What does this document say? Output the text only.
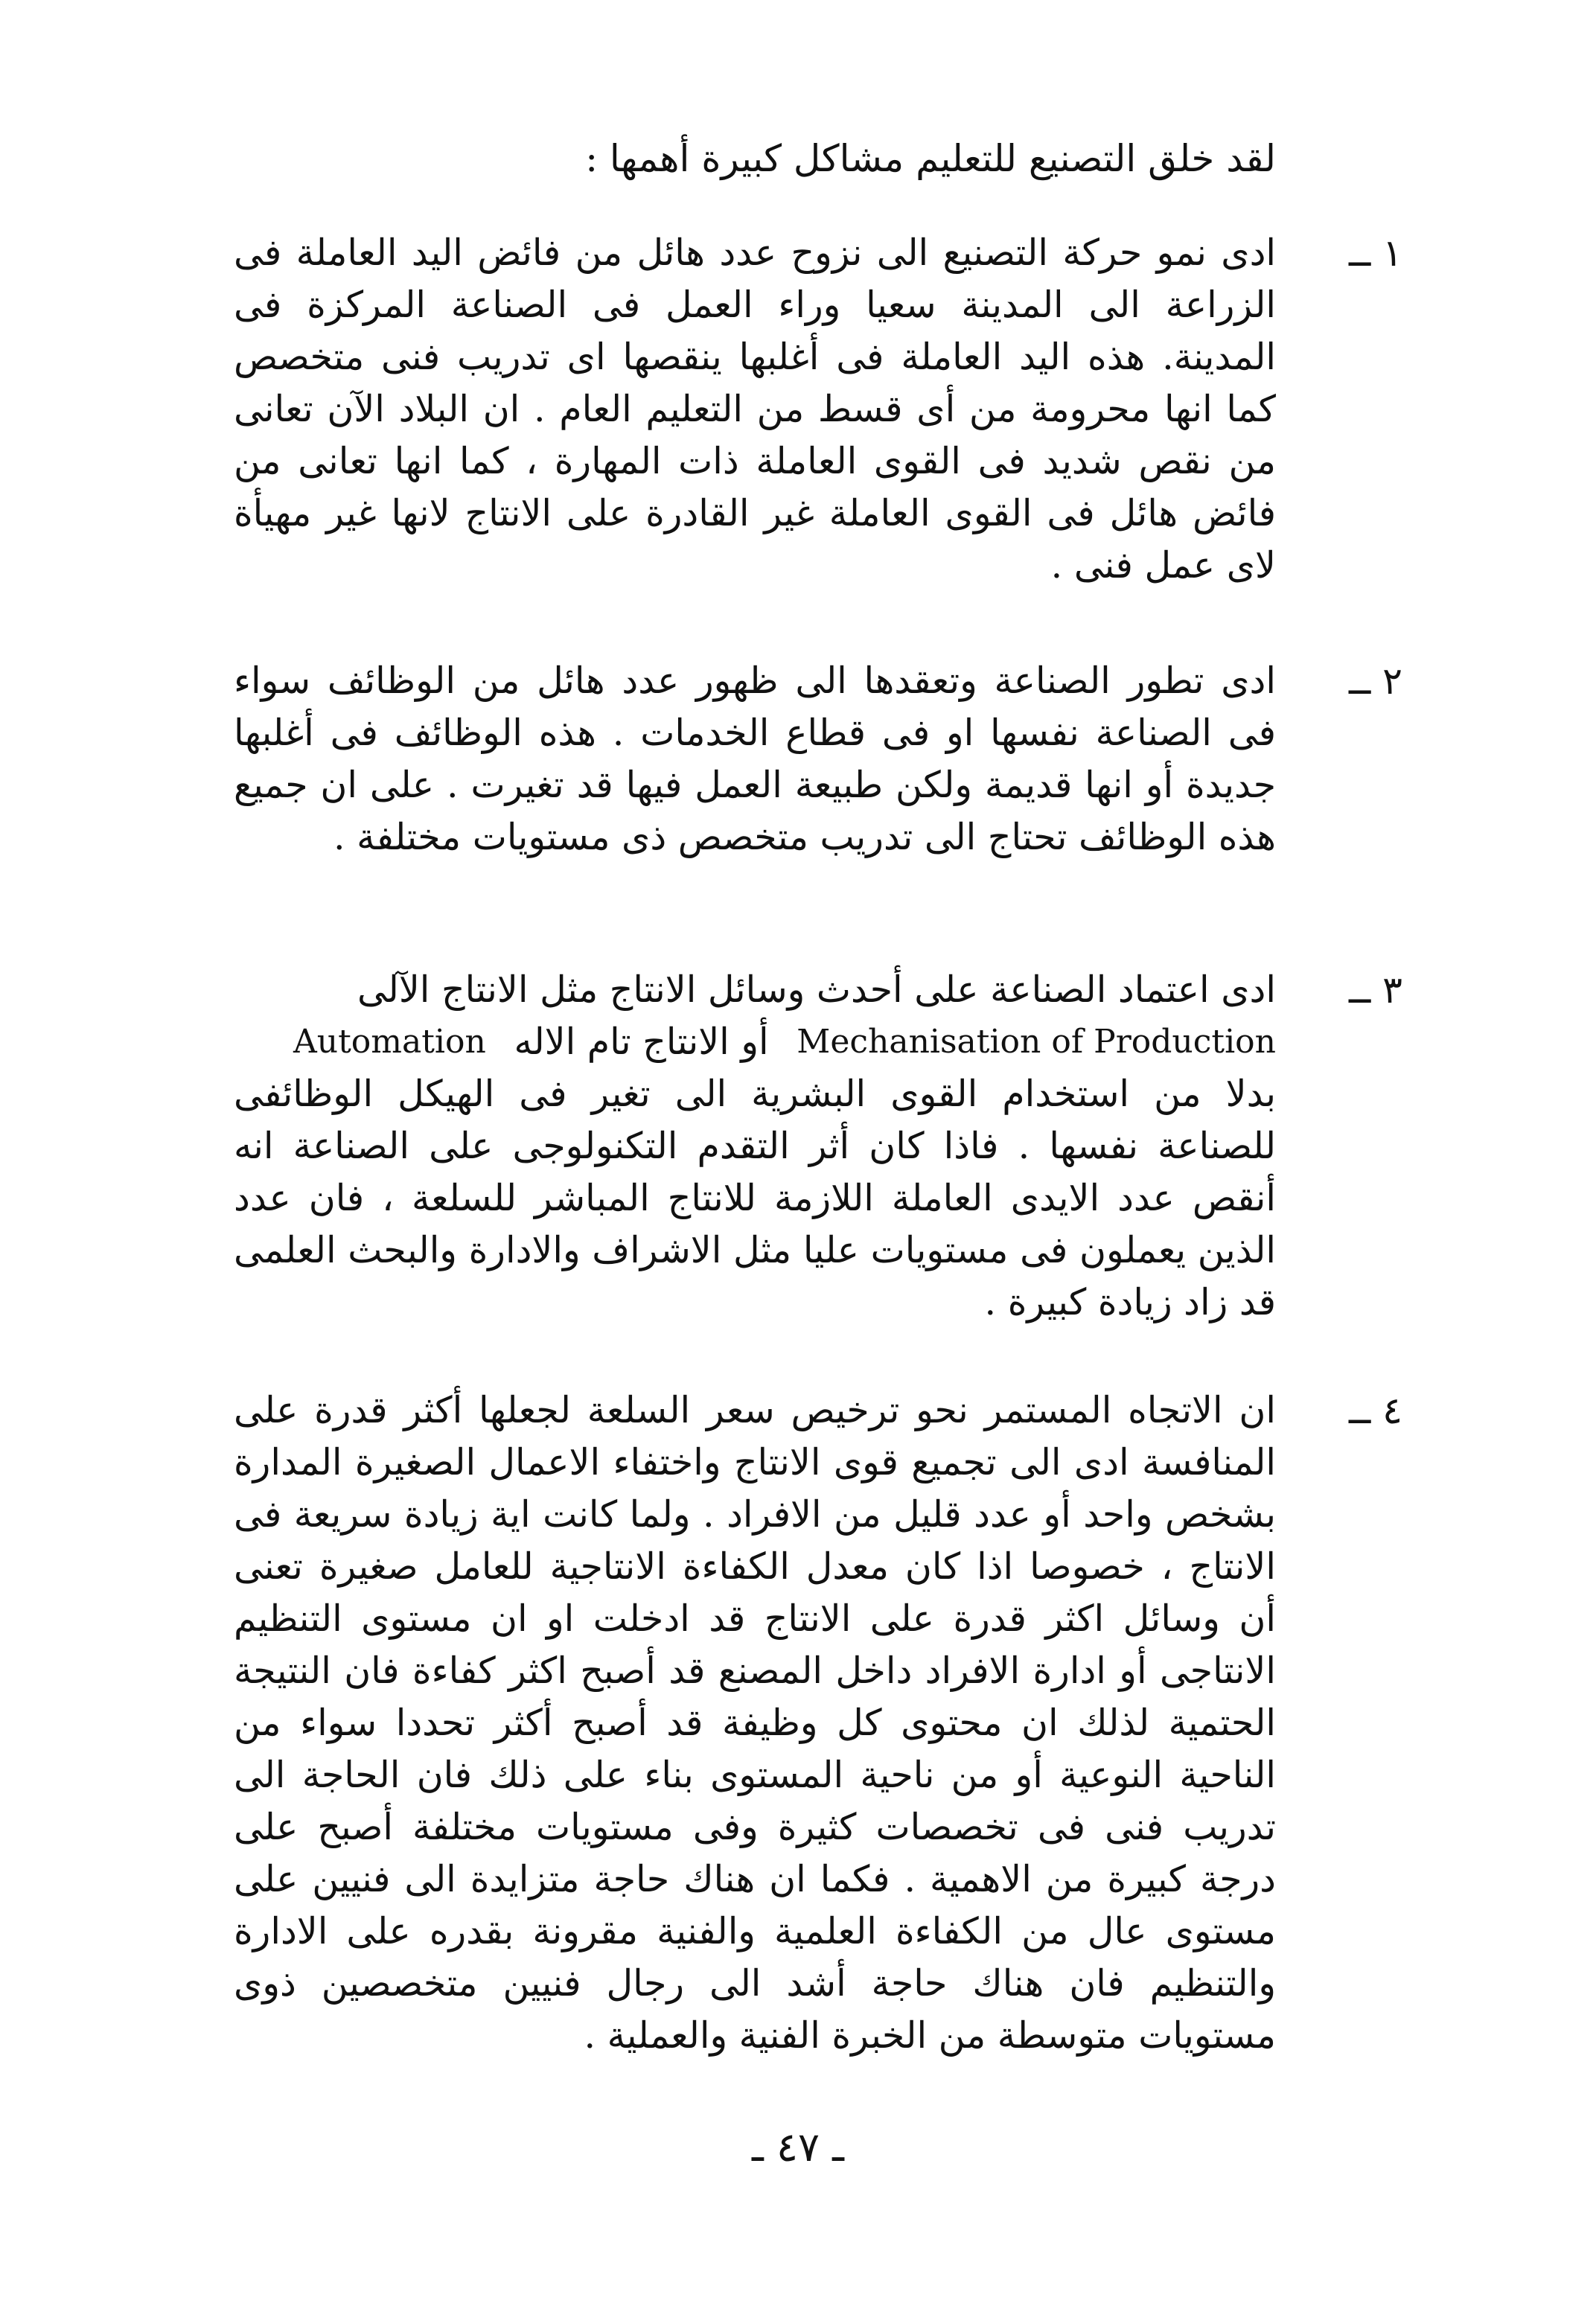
لقد خلق التصنيع للتعليم مشاكل كبيرة أهمها :
١ ــ
ادى نمو حركة التصنيع الى نزوح عدد هائل من فائض اليد العاملة فى الزراعة الى المدينة سعيا وراء العمل فى الصناعة المركزة فى المدينة. هذه اليد العاملة فى أغلبها ينقصها اى تدريب فنى متخصص كما انها محرومة من أى قسط من التعليم العام . ان البلاد الآن تعانى من نقص شديد فى القوى العاملة ذات المهارة ، كما انها تعانى من فائض هائل فى القوى العاملة غير القادرة على الانتاج لانها غير مهيأة لاى عمل فنى .
٢ ــ
ادى تطور الصناعة وتعقدها الى ظهور عدد هائل من الوظائف سواء فى الصناعة نفسها او فى قطاع الخدمات . هذه الوظائف فى أغلبها جديدة أو انها قديمة ولكن طبيعة العمل فيها قد تغيرت . على ان جميع هذه الوظائف تحتاج الى تدريب متخصص ذى مستويات مختلفة .
٣ ــ
ادى اعتماد الصناعة على أحدث وسائل الانتاج مثل الانتاج الآلى
Automation أو الانتاج تام الاله Mechanisation of Production
بدلا من استخدام القوى البشرية الى تغير فى الهيكل الوظائفى للصناعة نفسها . فاذا كان أثر التقدم التكنولوجى على الصناعة انه أنقص عدد الايدى العاملة اللازمة للانتاج المباشر للسلعة ، فان عدد الذين يعملون فى مستويات عليا مثل الاشراف والادارة والبحث العلمى قد زاد زيادة كبيرة .
٤ ــ
ان الاتجاه المستمر نحو ترخيص سعر السلعة لجعلها أكثر قدرة على المنافسة ادى الى تجميع قوى الانتاج واختفاء الاعمال الصغيرة المدارة بشخص واحد أو عدد قليل من الافراد . ولما كانت اية زيادة سريعة فى الانتاج ، خصوصا اذا كان معدل الكفاءة الانتاجية للعامل صغيرة تعنى أن وسائل اكثر قدرة على الانتاج قد ادخلت او ان مستوى التنظيم الانتاجى أو ادارة الافراد داخل المصنع قد أصبح اكثر كفاءة فان النتيجة الحتمية لذلك ان محتوى كل وظيفة قد أصبح أكثر تحددا سواء من الناحية النوعية أو من ناحية المستوى بناء على ذلك فان الحاجة الى تدريب فنى فى تخصصات كثيرة وفى مستويات مختلفة أصبح على درجة كبيرة من الاهمية . فكما ان هناك حاجة متزايدة الى فنيين على مستوى عال من الكفاءة العلمية والفنية مقرونة بقدره على الادارة والتنظيم فان هناك حاجة أشد الى رجال فنيين متخصصين ذوى مستويات متوسطة من الخبرة الفنية والعملية .
ـ ٤٧ ـ
